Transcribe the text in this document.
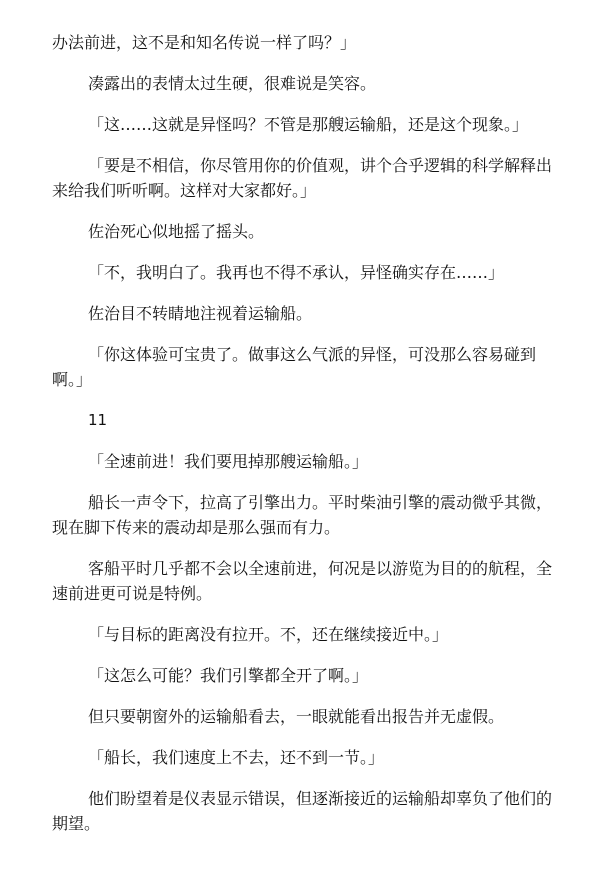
办法前进，这不是和知名传说一样了吗？」

凑露出的表情太过生硬，很难说是笑容。

「这……这就是异怪吗？不管是那艘运输船，还是这个现象。」

「要是不相信，你尽管用你的价值观，讲个合乎逻辑的科学解释出来给我们听听啊。这样对大家都好。」

佐治死心似地摇了摇头。

「不，我明白了。我再也不得不承认，异怪确实存在……」

佐治目不转睛地注视着运输船。

「你这体验可宝贵了。做事这么气派的异怪，可没那么容易碰到啊。」

11

「全速前进！我们要甩掉那艘运输船。」

船长一声令下，拉高了引擎出力。平时柴油引擎的震动微乎其微，现在脚下传来的震动却是那么强而有力。

客船平时几乎都不会以全速前进，何况是以游览为目的的航程，全速前进更可说是特例。

「与目标的距离没有拉开。不，还在继续接近中。」

「这怎么可能？我们引擎都全开了啊。」

但只要朝窗外的运输船看去，一眼就能看出报告并无虚假。

「船长，我们速度上不去，还不到一节。」

他们盼望着是仪表显示错误，但逐渐接近的运输船却辜负了他们的期望。
